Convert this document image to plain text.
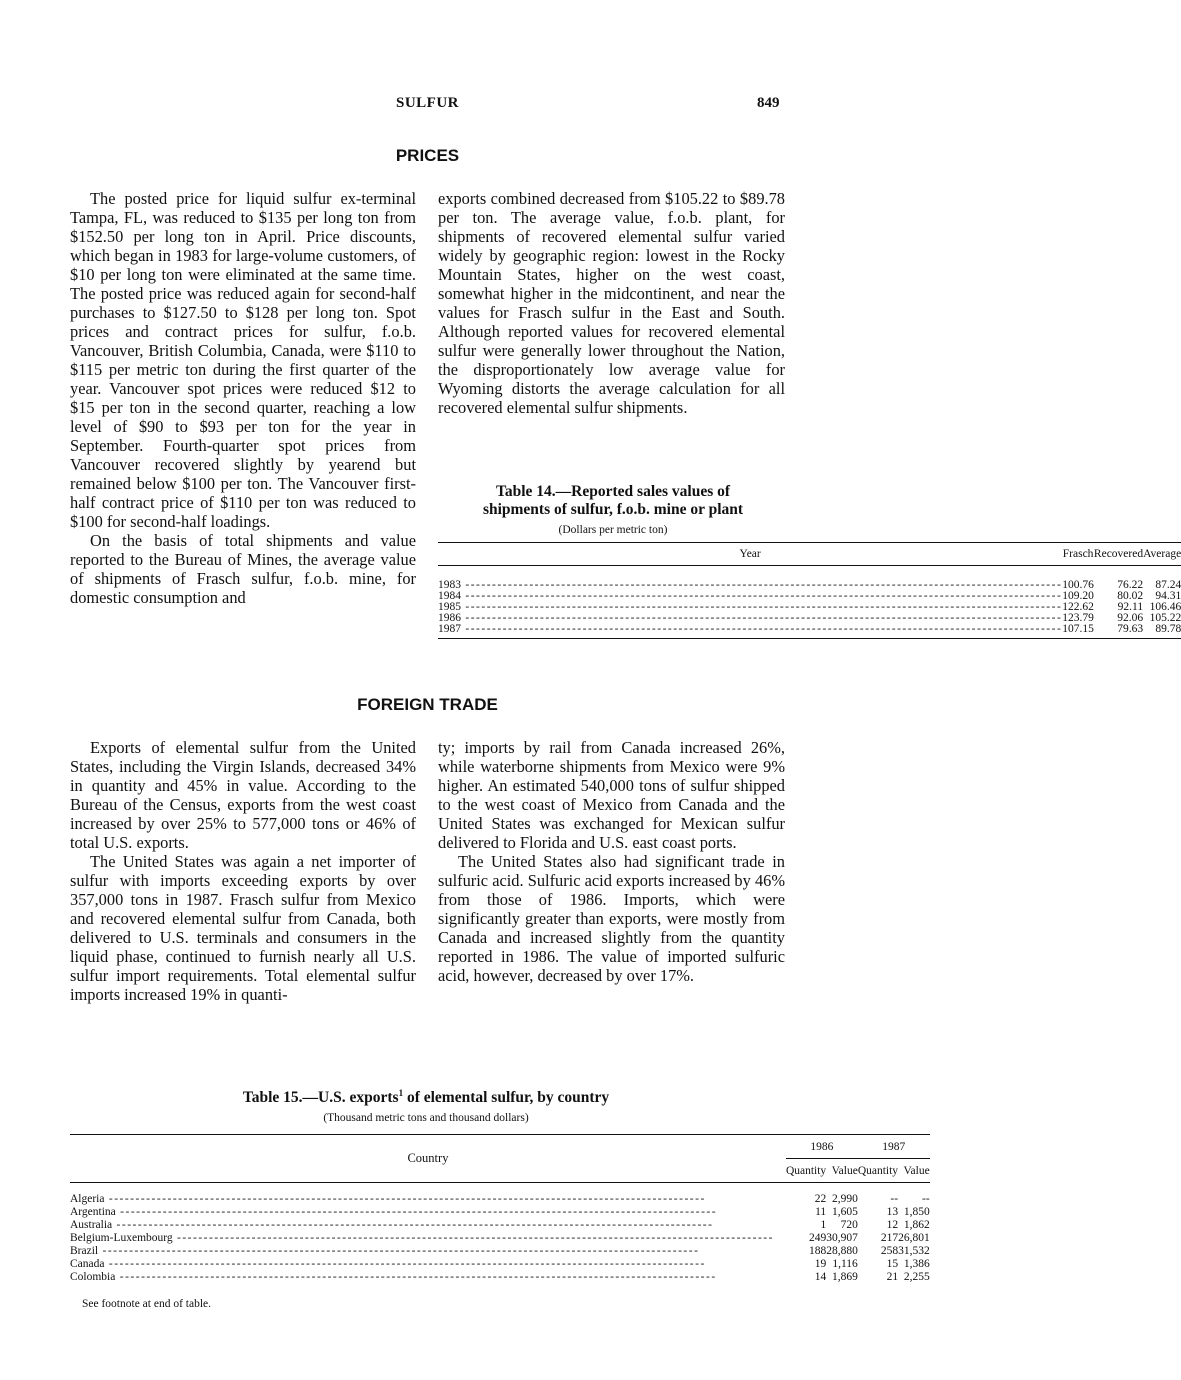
SULFUR	849
PRICES

The posted price for liquid sulfur ex-terminal Tampa, FL, was reduced to $135 per long ton from $152.50 per long ton in April. Price discounts, which began in 1983 for large-volume customers, of $10 per long ton were eliminated at the same time. The posted price was reduced again for second-half purchases to $127.50 to $128 per long ton. Spot prices and contract prices for sulfur, f.o.b. Vancouver, British Columbia, Canada, were $110 to $115 per metric ton during the first quarter of the year. Vancouver spot prices were reduced $12 to $15 per ton in the second quarter, reaching a low level of $90 to $93 per ton for the year in September. Fourth-quarter spot prices from Vancouver recovered slightly by yearend but remained below $100 per ton. The Vancouver first-half contract price of $110 per ton was reduced to $100 for second-half loadings.

On the basis of total shipments and value reported to the Bureau of Mines, the average value of shipments of Frasch sulfur, f.o.b. mine, for domestic consumption and

exports combined decreased from $105.22 to $89.78 per ton. The average value, f.o.b. plant, for shipments of recovered elemental sulfur varied widely by geographic region: lowest in the Rocky Mountain States, higher on the west coast, somewhat higher in the midcontinent, and near the values for Frasch sulfur in the East and South. Although reported values for recovered elemental sulfur were generally lower throughout the Nation, the disproportionately low average value for Wyoming distorts the average calculation for all recovered elemental sulfur shipments.

Table 14.—Reported sales values of
shipments of sulfur, f.o.b. mine or plant
(Dollars per metric ton)
Year	Frasch	Recovered	Average

1983 -----	100.76	76.22	87.24
1984 -----	109.20	80.02	94.31
1985 -----	122.62	92.11	106.46
1986 -----	123.79	92.06	105.22
1987 -----	107.15	79.63	89.78
FOREIGN TRADE

Exports of elemental sulfur from the United States, including the Virgin Islands, decreased 34% in quantity and 45% in value. According to the Bureau of the Census, exports from the west coast increased by over 25% to 577,000 tons or 46% of total U.S. exports.

The United States was again a net importer of sulfur with imports exceeding exports by over 357,000 tons in 1987. Frasch sulfur from Mexico and recovered elemental sulfur from Canada, both delivered to U.S. terminals and consumers in the liquid phase, continued to furnish nearly all U.S. sulfur import requirements. Total elemental sulfur imports increased 19% in quanti-

ty; imports by rail from Canada increased 26%, while waterborne shipments from Mexico were 9% higher. An estimated 540,000 tons of sulfur shipped to the west coast of Mexico from Canada and the United States was exchanged for Mexican sulfur delivered to Florida and U.S. east coast ports.

The United States also had significant trade in sulfuric acid. Sulfuric acid exports increased by 46% from those of 1986. Imports, which were significantly greater than exports, were mostly from Canada and increased slightly from the quantity reported in 1986. The value of imported sulfuric acid, however, decreased by over 17%.

Table 15.—U.S. exports$^1$ of elemental sulfur, by country
(Thousand metric tons and thousand dollars)
Country	1986		1987	
	Quantity	Value	Quantity	Value

Algeria -----	22	2,990	--	--
Argentina -----	11	1,605	13	1,850
Australia -----	1	720	12	1,862
Belgium-Luxembourg -----	249	30,907	217	26,801
Brazil -----	188	28,880	258	31,532
Canada -----	19	1,116	15	1,386
Colombia -----	14	1,869	21	2,255
See footnote at end of table.
